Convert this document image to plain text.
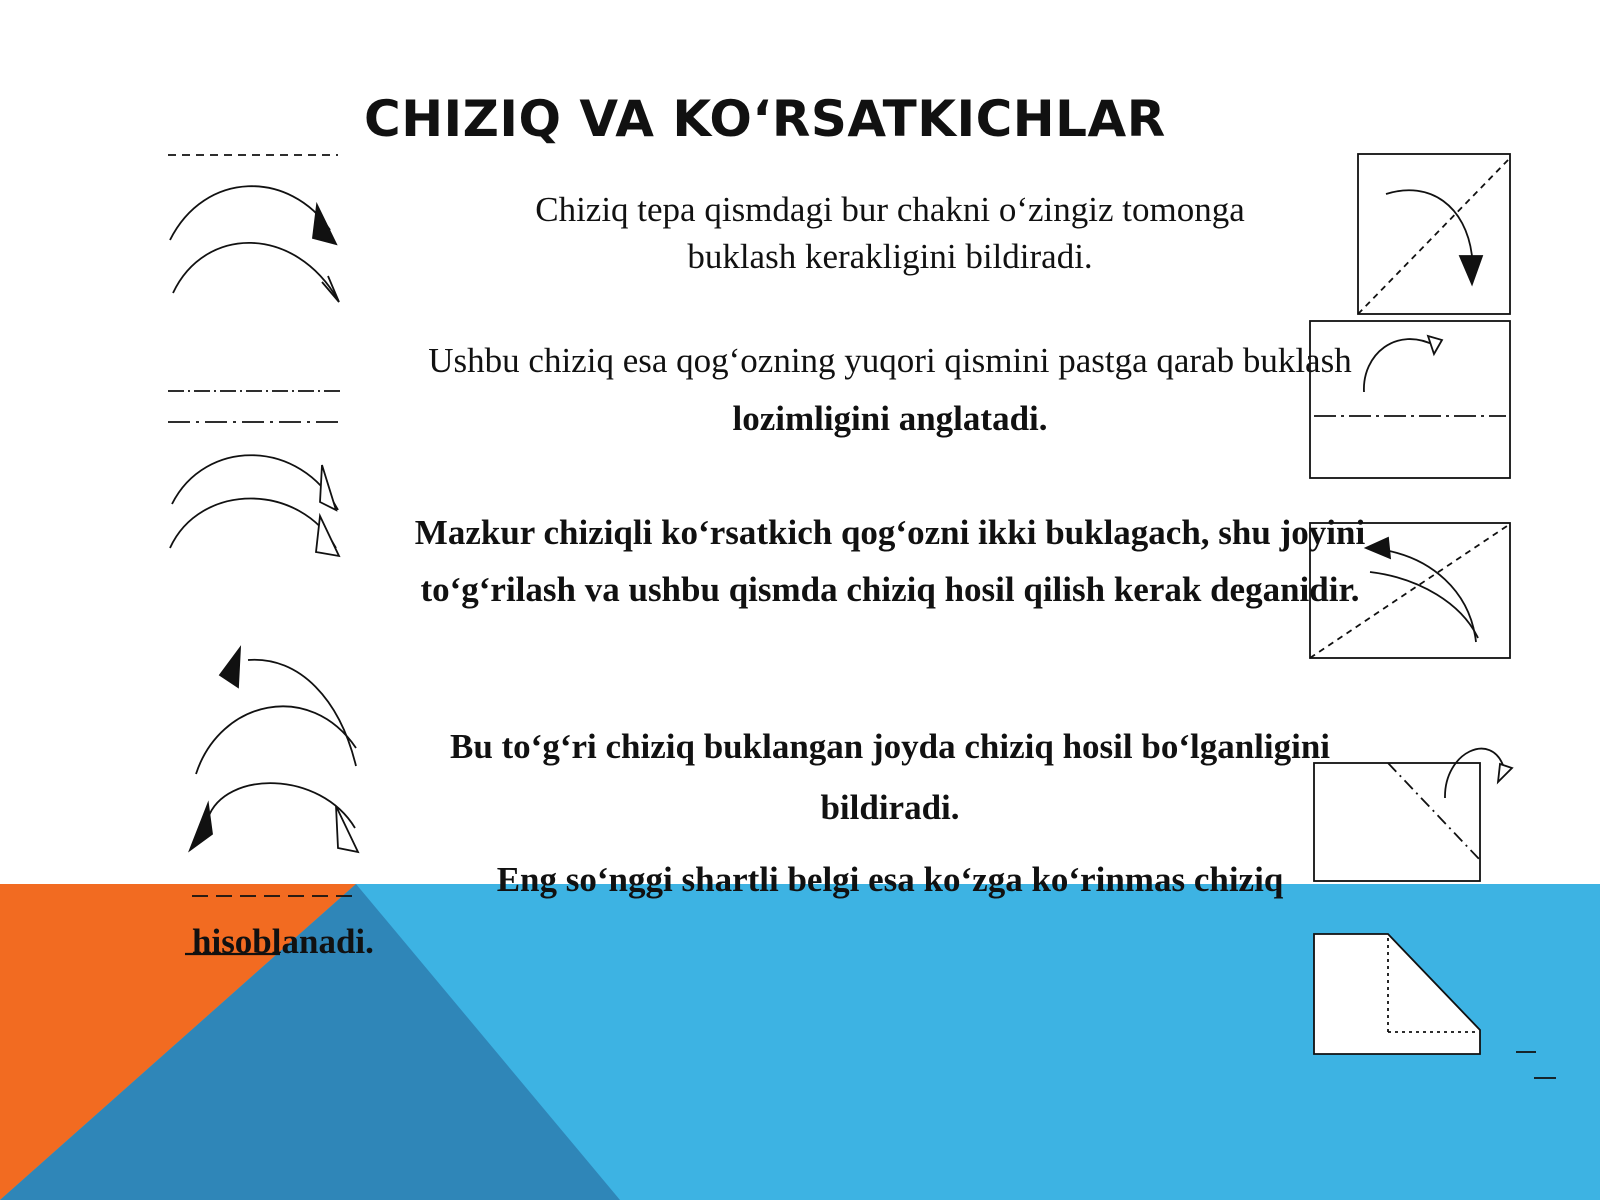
CHIZIQ VA KO‘RSATKICHLAR
Chiziq tepa qismdagi bur chakni o‘zingiz tomonga
buklash kerakligini bildiradi.
Ushbu chiziq esa qog‘ozning yuqori qismini pastga qarab buklash
lozimligini anglatadi.
Mazkur chiziqli ko‘rsatkich qog‘ozni ikki buklagach, shu joyini
to‘g‘rilash va ushbu qismda chiziq hosil qilish kerak deganidir.
Bu to‘g‘ri chiziq buklangan joyda chiziq hosil bo‘lganligini
bildiradi.
Eng so‘nggi shartli belgi esa ko‘zga ko‘rinmas chiziq
hisoblanadi.
